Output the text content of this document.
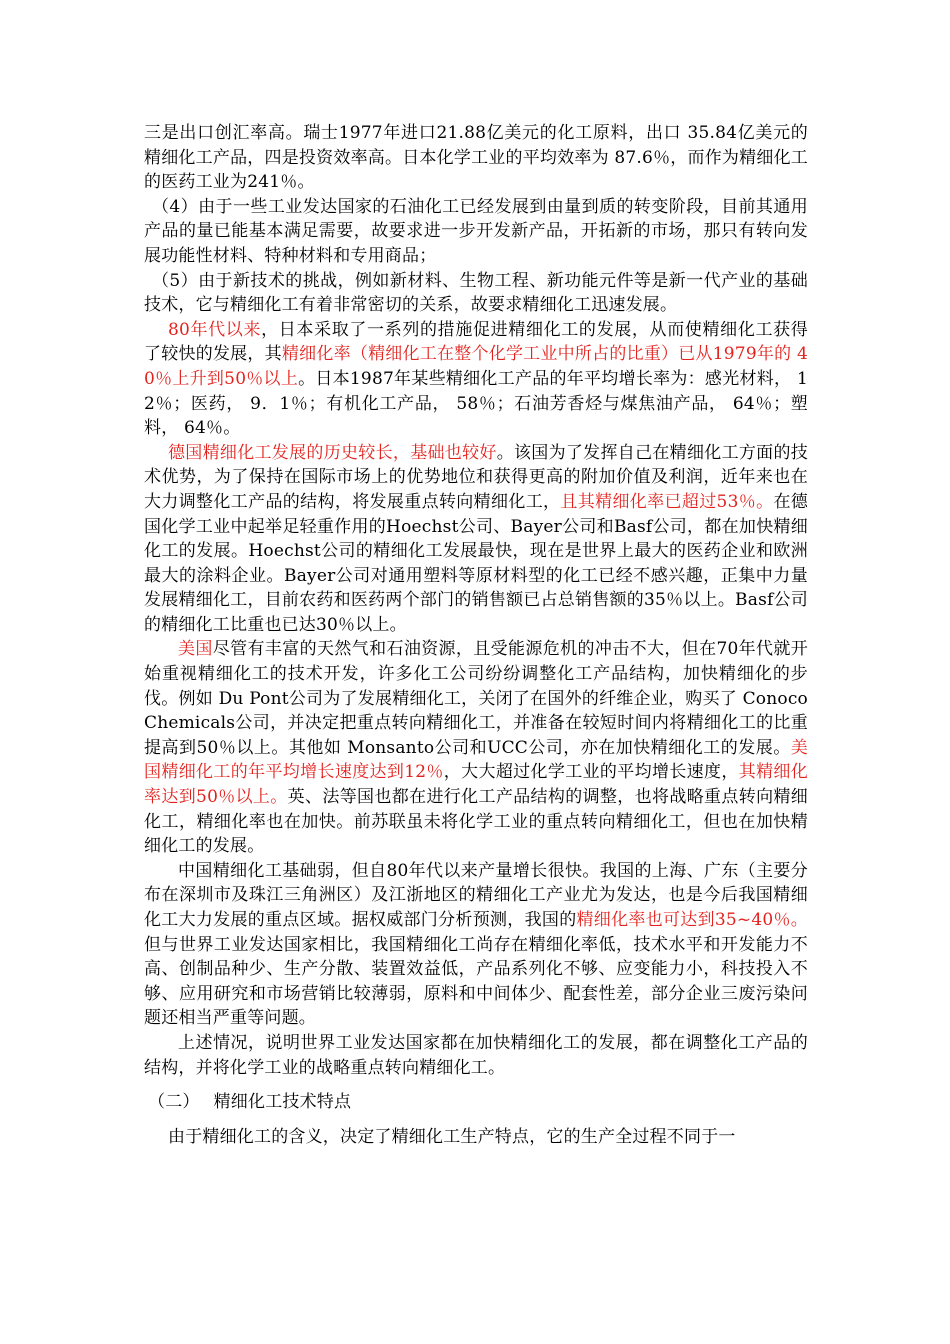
三是出口创汇率高。瑞士1977年进口21.88亿美元的化工原料，出口 35.84亿美元的精细化工产品，四是投资效率高。日本化学工业的平均效率为 87.6％，而作为精细化工的医药工业为241％。

（4）由于一些工业发达国家的石油化工已经发展到由量到质的转变阶段，目前其通用产品的量已能基本满足需要，故要求进一步开发新产品，开拓新的市场，那只有转向发展功能性材料、特种材料和专用商品；

（5）由于新技术的挑战，例如新材料、生物工程、新功能元件等是新一代产业的基础技术，它与精细化工有着非常密切的关系，故要求精细化工迅速发展。

80年代以来，日本采取了一系列的措施促进精细化工的发展，从而使精细化工获得了较快的发展，其精细化率（精细化工在整个化学工业中所占的比重）已从1979年的 40％上升到50％以上。日本1987年某些精细化工产品的年平均增长率为：感光材料， 12％；医药， 9．1％；有机化工产品， 58％；石油芳香烃与煤焦油产品， 64％；塑料， 64％。

德国精细化工发展的历史较长，基础也较好。该国为了发挥自己在精细化工方面的技术优势，为了保持在国际市场上的优势地位和获得更高的附加价值及利润，近年来也在大力调整化工产品的结构，将发展重点转向精细化工，且其精细化率已超过53％。在德国化学工业中起举足轻重作用的Hoechst公司、Bayer公司和Basf公司，都在加快精细化工的发展。Hoechst公司的精细化工发展最快，现在是世界上最大的医药企业和欧洲最大的涂料企业。Bayer公司对通用塑料等原材料型的化工已经不感兴趣，正集中力量发展精细化工，目前农药和医药两个部门的销售额已占总销售额的35％以上。Basf公司的精细化工比重也已达30％以上。

美国尽管有丰富的天然气和石油资源，且受能源危机的冲击不大，但在70年代就开始重视精细化工的技术开发，许多化工公司纷纷调整化工产品结构，加快精细化的步伐。例如 Du Pont公司为了发展精细化工，关闭了在国外的纤维企业，购买了 Conoco Chemicals公司，并决定把重点转向精细化工，并准备在较短时间内将精细化工的比重提高到50％以上。其他如 Monsanto公司和UCC公司，亦在加快精细化工的发展。美国精细化工的年平均增长速度达到12％，大大超过化学工业的平均增长速度，其精细化率达到50％以上。英、法等国也都在进行化工产品结构的调整，也将战略重点转向精细化工，精细化率也在加快。前苏联虽未将化学工业的重点转向精细化工，但也在加快精细化工的发展。

中国精细化工基础弱，但自80年代以来产量增长很快。我国的上海、广东（主要分布在深圳市及珠江三角洲区）及江浙地区的精细化工产业尤为发达，也是今后我国精细化工大力发展的重点区域。据权威部门分析预测，我国的精细化率也可达到35~40％。但与世界工业发达国家相比，我国精细化工尚存在精细化率低，技术水平和开发能力不高、创制品种少、生产分散、装置效益低，产品系列化不够、应变能力小，科技投入不够、应用研究和市场营销比较薄弱，原料和中间体少、配套性差，部分企业三废污染问题还相当严重等问题。

上述情况，说明世界工业发达国家都在加快精细化工的发展，都在调整化工产品的结构，并将化学工业的战略重点转向精细化工。

（二） 精细化工技术特点

由于精细化工的含义，决定了精细化工生产特点，它的生产全过程不同于一
